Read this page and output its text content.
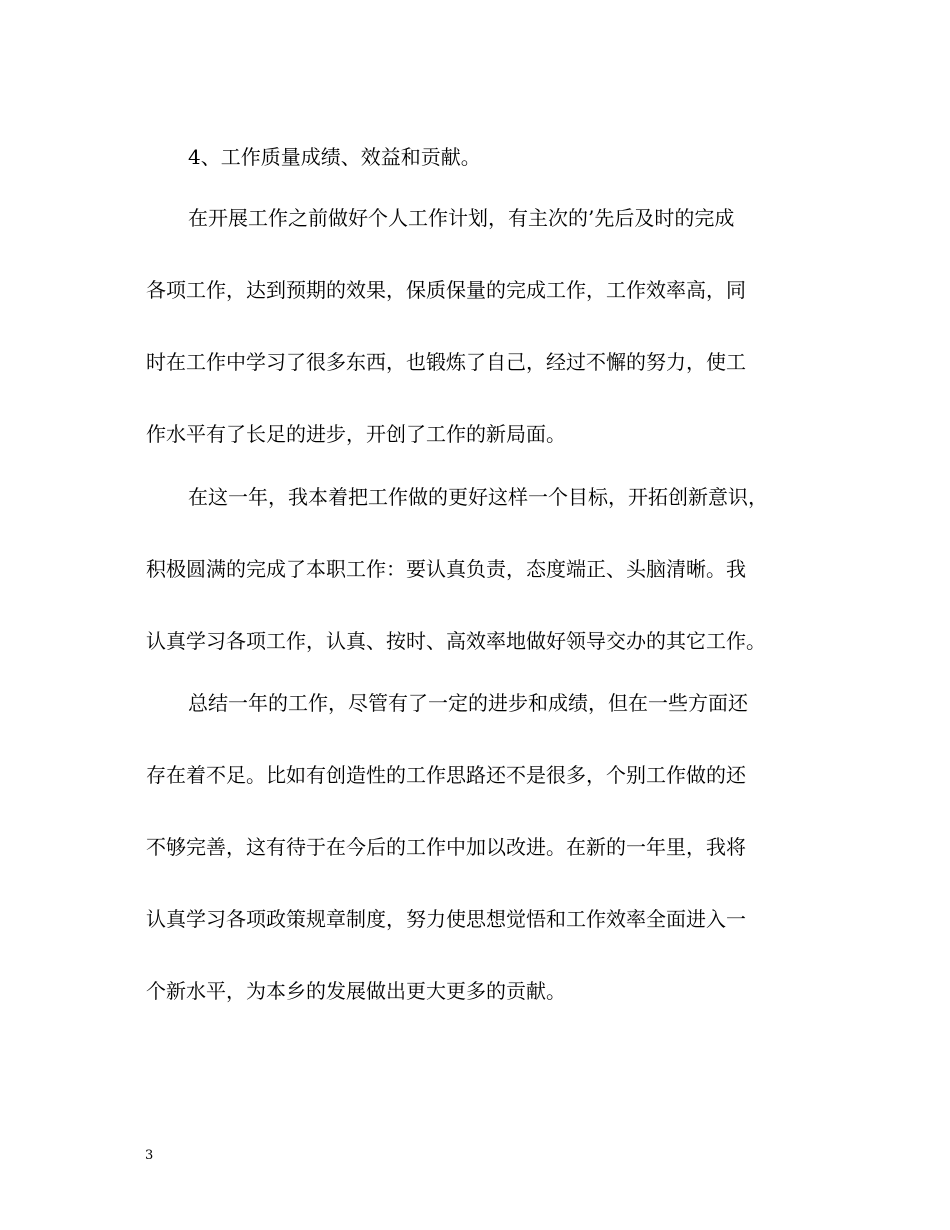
4、工作质量成绩、效益和贡献。

在开展工作之前做好个人工作计划，有主次的’先后及时的完成

各项工作，达到预期的效果，保质保量的完成工作，工作效率高，同

时在工作中学习了很多东西，也锻炼了自己，经过不懈的努力，使工

作水平有了长足的进步，开创了工作的新局面。

在这一年，我本着把工作做的更好这样一个目标，开拓创新意识，

积极圆满的完成了本职工作：要认真负责，态度端正、头脑清晰。我

认真学习各项工作，认真、按时、高效率地做好领导交办的其它工作。

总结一年的工作，尽管有了一定的进步和成绩，但在一些方面还

存在着不足。比如有创造性的工作思路还不是很多，个别工作做的还

不够完善，这有待于在今后的工作中加以改进。在新的一年里，我将

认真学习各项政策规章制度，努力使思想觉悟和工作效率全面进入一

个新水平，为本乡的发展做出更大更多的贡献。

3
